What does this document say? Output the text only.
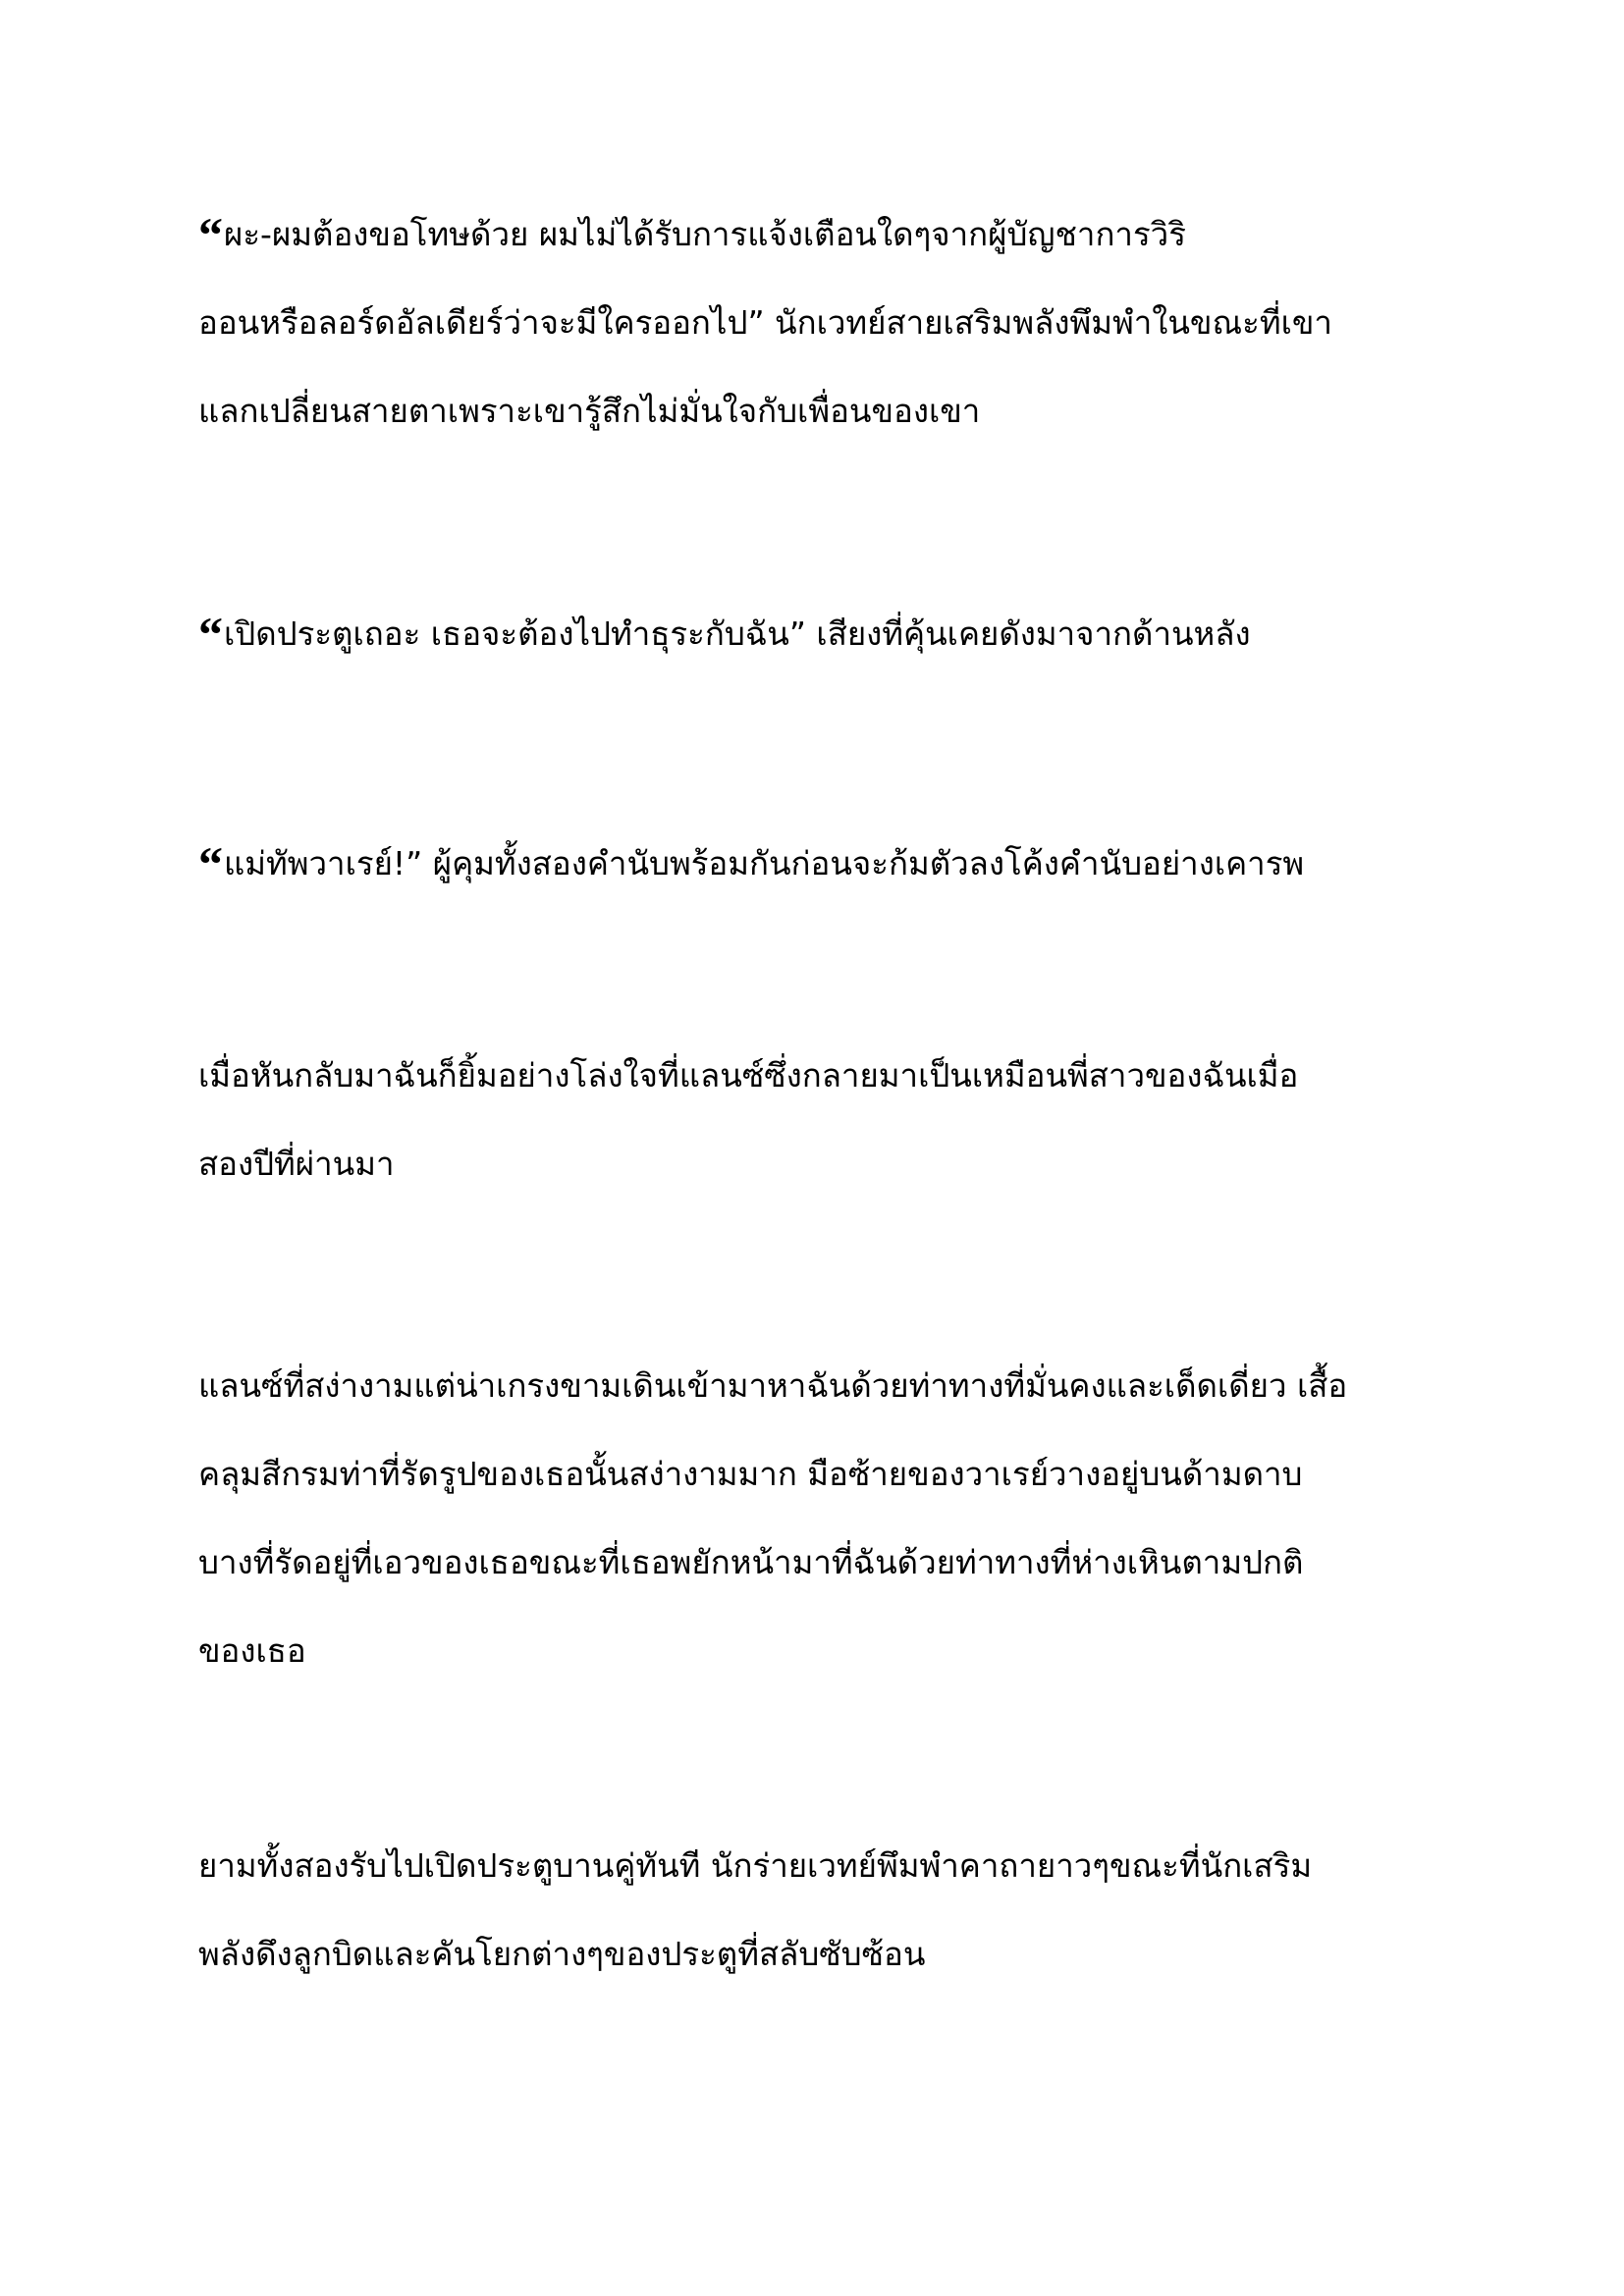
“ผะ-ผมต้องขอโทษด้วย ผมไม่ได้รับการแจ้งเตือนใดๆจากผู้บัญชาการวิริ
ออนหรือลอร์ดอัลเดียร์ว่าจะมีใครออกไป” นักเวทย์สายเสริมพลังพึมพำในขณะที่เขา
แลกเปลี่ยนสายตาเพราะเขารู้สึกไม่มั่นใจกับเพื่อนของเขา

“เปิดประตูเถอะ เธอจะต้องไปทำธุระกับฉัน” เสียงที่คุ้นเคยดังมาจากด้านหลัง

“แม่ทัพวาเรย์!” ผู้คุมทั้งสองคำนับพร้อมกันก่อนจะก้มตัวลงโค้งคำนับอย่างเคารพ

เมื่อหันกลับมาฉันก็ยิ้มอย่างโล่งใจที่แลนซ์ซึ่งกลายมาเป็นเหมือนพี่สาวของฉันเมื่อ
สองปีที่ผ่านมา

แลนซ์ที่สง่างามแต่น่าเกรงขามเดินเข้ามาหาฉันด้วยท่าทางที่มั่นคงและเด็ดเดี่ยว เสื้อ
คลุมสีกรมท่าที่รัดรูปของเธอนั้นสง่างามมาก มือซ้ายของวาเรย์วางอยู่บนด้ามดาบ
บางที่รัดอยู่ที่เอวของเธอขณะที่เธอพยักหน้ามาที่ฉันด้วยท่าทางที่ห่างเหินตามปกติ
ของเธอ

ยามทั้งสองรับไปเปิดประตูบานคู่ทันที นักร่ายเวทย์พึมพำคาถายาวๆขณะที่นักเสริม
พลังดึงลูกบิดและคันโยกต่างๆของประตูที่สลับซับซ้อน
